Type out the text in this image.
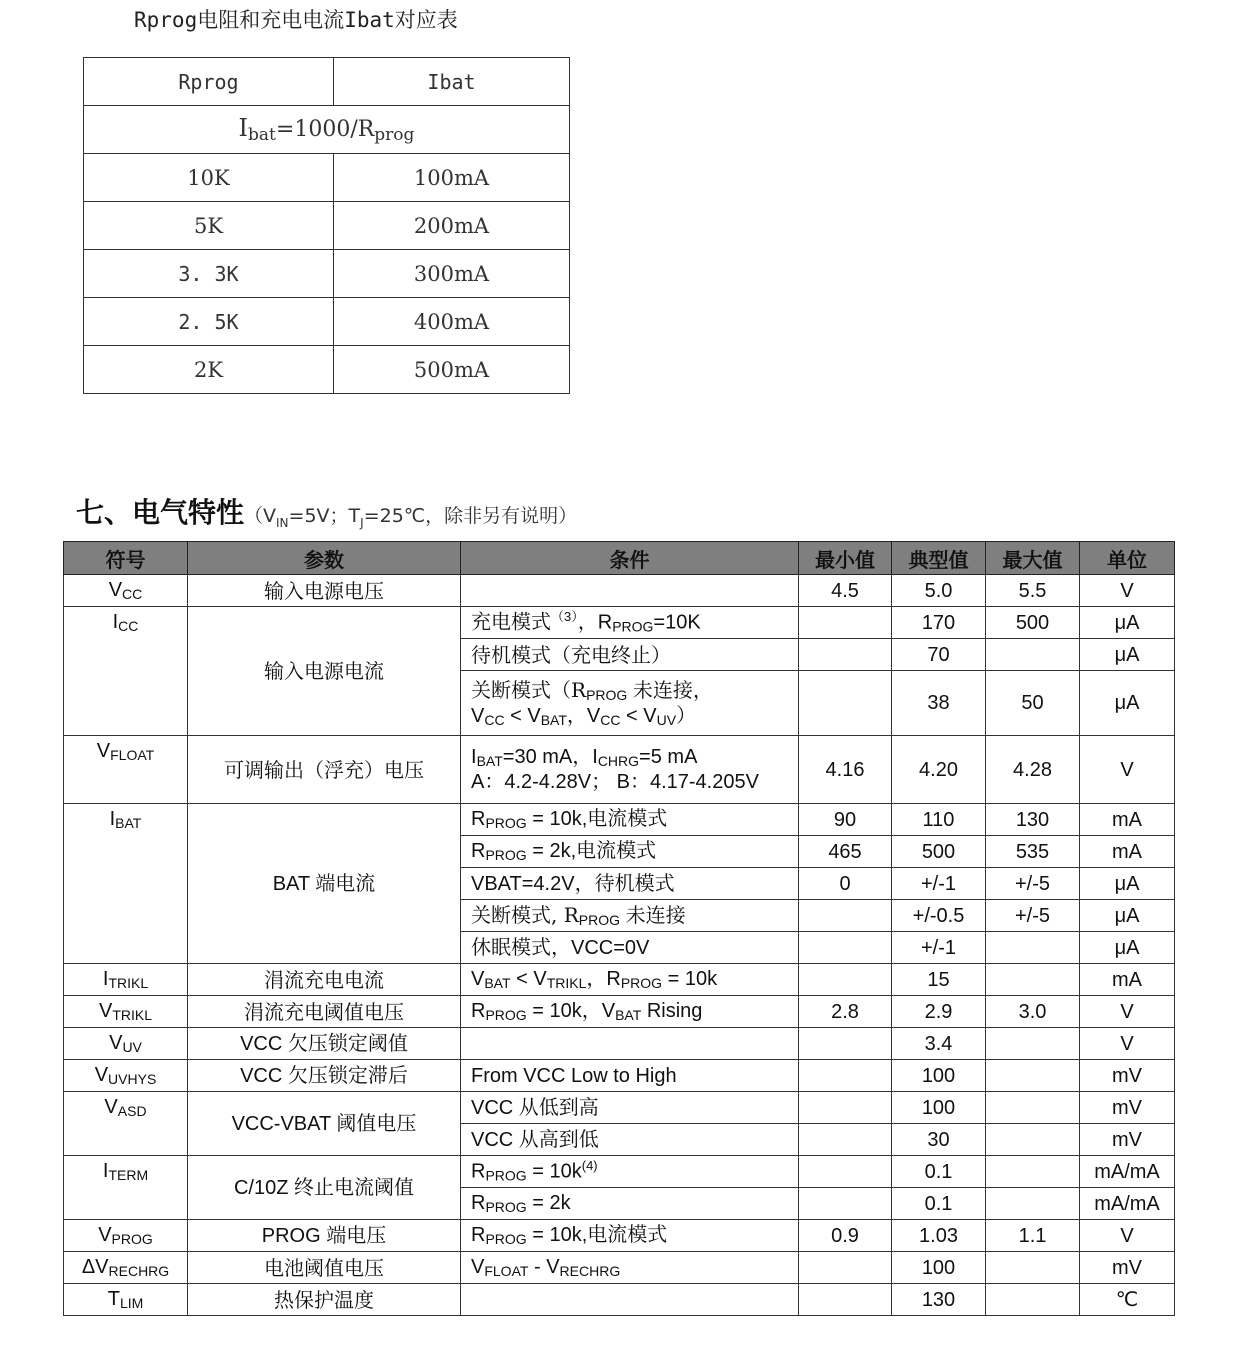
Rprog电阻和充电电流Ibat对应表
Rprog	Ibat
$I_{bat}=1000/R_{prog}$
10K	100mA
5K	200mA
3. 3K	300mA
2. 5K	400mA
2K	500mA
七、电气特性（$V_{IN}=5V$；$T_J=25℃$，除非另有说明）
符号	参数	条件	最小值	典型值	最大值	单位
$V_{CC}$	输入电源电压		4.5	5.0	5.5	V
$I_{CC}$	输入电源电流	充电模式$^{(3)}$，$R_{PROG}=10K$		170	500	μA
		待机模式（充电终止）		70		μA
		关断模式（$R_{PROG}$ 未连接，
$V_{CC} < V_{BAT}$，$V_{CC} < V_{UV}$）		38	50	μA
$V_{FLOAT}$	可调输出（浮充）电压	$I_{BAT}=30$ mA，$I_{CHRG}=5$ mA
A：4.2-4.28V； B：4.17-4.205V	4.16	4.20	4.28	V
$I_{BAT}$	BAT 端电流	$R_{PROG} = 10k$,电流模式	90	110	130	mA
		$R_{PROG} = 2k$,电流模式	465	500	535	mA
		VBAT=4.2V，待机模式	0	+/-1	+/-5	μA
		关断模式, $R_{PROG}$ 未连接		+/-0.5	+/-5	μA
		休眠模式，VCC=0V		+/-1		μA
$I_{TRIKL}$	涓流充电电流	$V_{BAT} < V_{TRIKL}$，$R_{PROG} = 10k$		15		mA
$V_{TRIKL}$	涓流充电阈值电压	$R_{PROG} = 10k$，$V_{BAT}$ Rising	2.8	2.9	3.0	V
$V_{UV}$	VCC 欠压锁定阈值			3.4		V
$V_{UVHYS}$	VCC 欠压锁定滞后	From VCC Low to High		100		mV
$V_{ASD}$	VCC-VBAT 阈值电压	VCC 从低到高		100		mV
		VCC 从高到低		30		mV
$I_{TERM}$	C/10Z 终止电流阈值	$R_{PROG} = 10k^{(4)}$		0.1		mA/mA
		$R_{PROG} = 2k$		0.1		mA/mA
$V_{PROG}$	PROG 端电压	$R_{PROG} = 10k$,电流模式	0.9	1.03	1.1	V
$\Delta V_{RECHRG}$	电池阈值电压	$V_{FLOAT} - V_{RECHRG}$		100		mV
$T_{LIM}$	热保护温度			130		℃
